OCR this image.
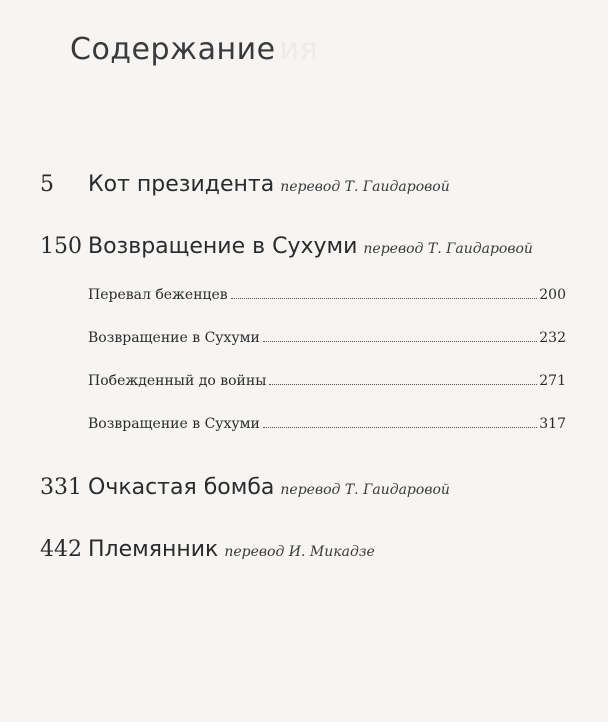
Содержание ия
5 Кот президента перевод Т. Гаидаровой
150 Возвращение в Сухуми перевод Т. Гаидаровой
Перевал беженцев	200
Возвращение в Сухуми	232
Побежденный до войны	271
Возвращение в Сухуми	317
331 Очкастая бомба перевод Т. Гаидаровой
442 Племянник перевод И. Микадзе
